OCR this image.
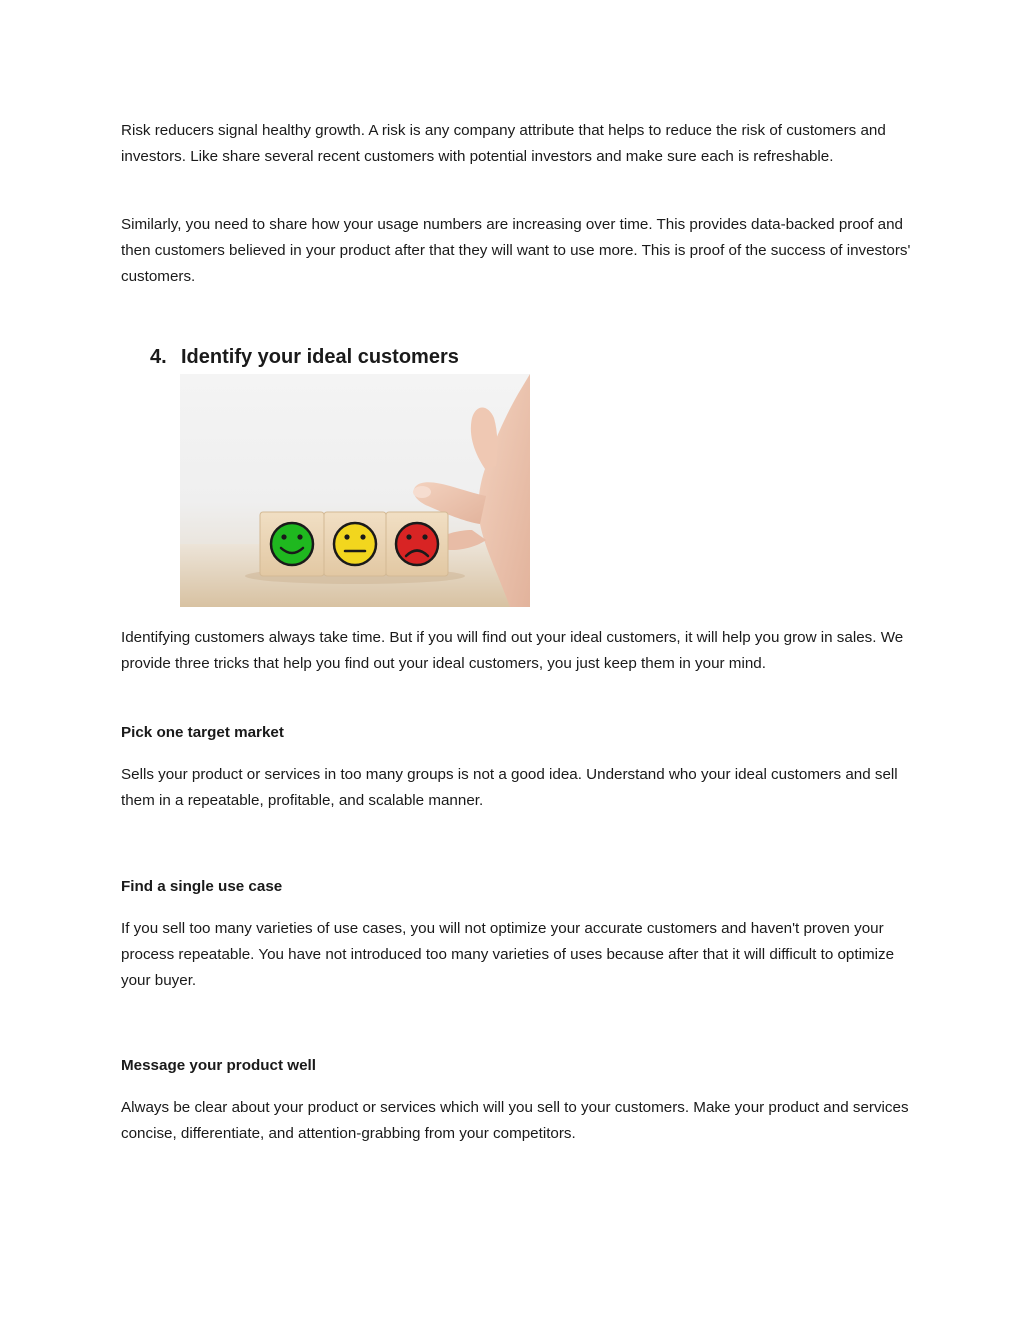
Risk reducers signal healthy growth. A risk is any company attribute that helps to reduce the risk of customers and investors. Like share several recent customers with potential investors and make sure each is refreshable.

Similarly, you need to share how your usage numbers are increasing over time. This provides data-backed proof and then customers believed in your product after that they will want to use more. This is proof of the success of investors' customers.

4. Identify your ideal customers

Identifying customers always take time. But if you will find out your ideal customers, it will help you grow in sales. We provide three tricks that help you find out your ideal customers, you just keep them in your mind.

Pick one target market

Sells your product or services in too many groups is not a good idea. Understand who your ideal customers and sell them in a repeatable, profitable, and scalable manner.

Find a single use case

If you sell too many varieties of use cases, you will not optimize your accurate customers and haven't proven your process repeatable. You have not introduced too many varieties of uses because after that it will difficult to optimize your buyer.

Message your product well

Always be clear about your product or services which will you sell to your customers. Make your product and services concise, differentiate, and attention-grabbing from your competitors.
